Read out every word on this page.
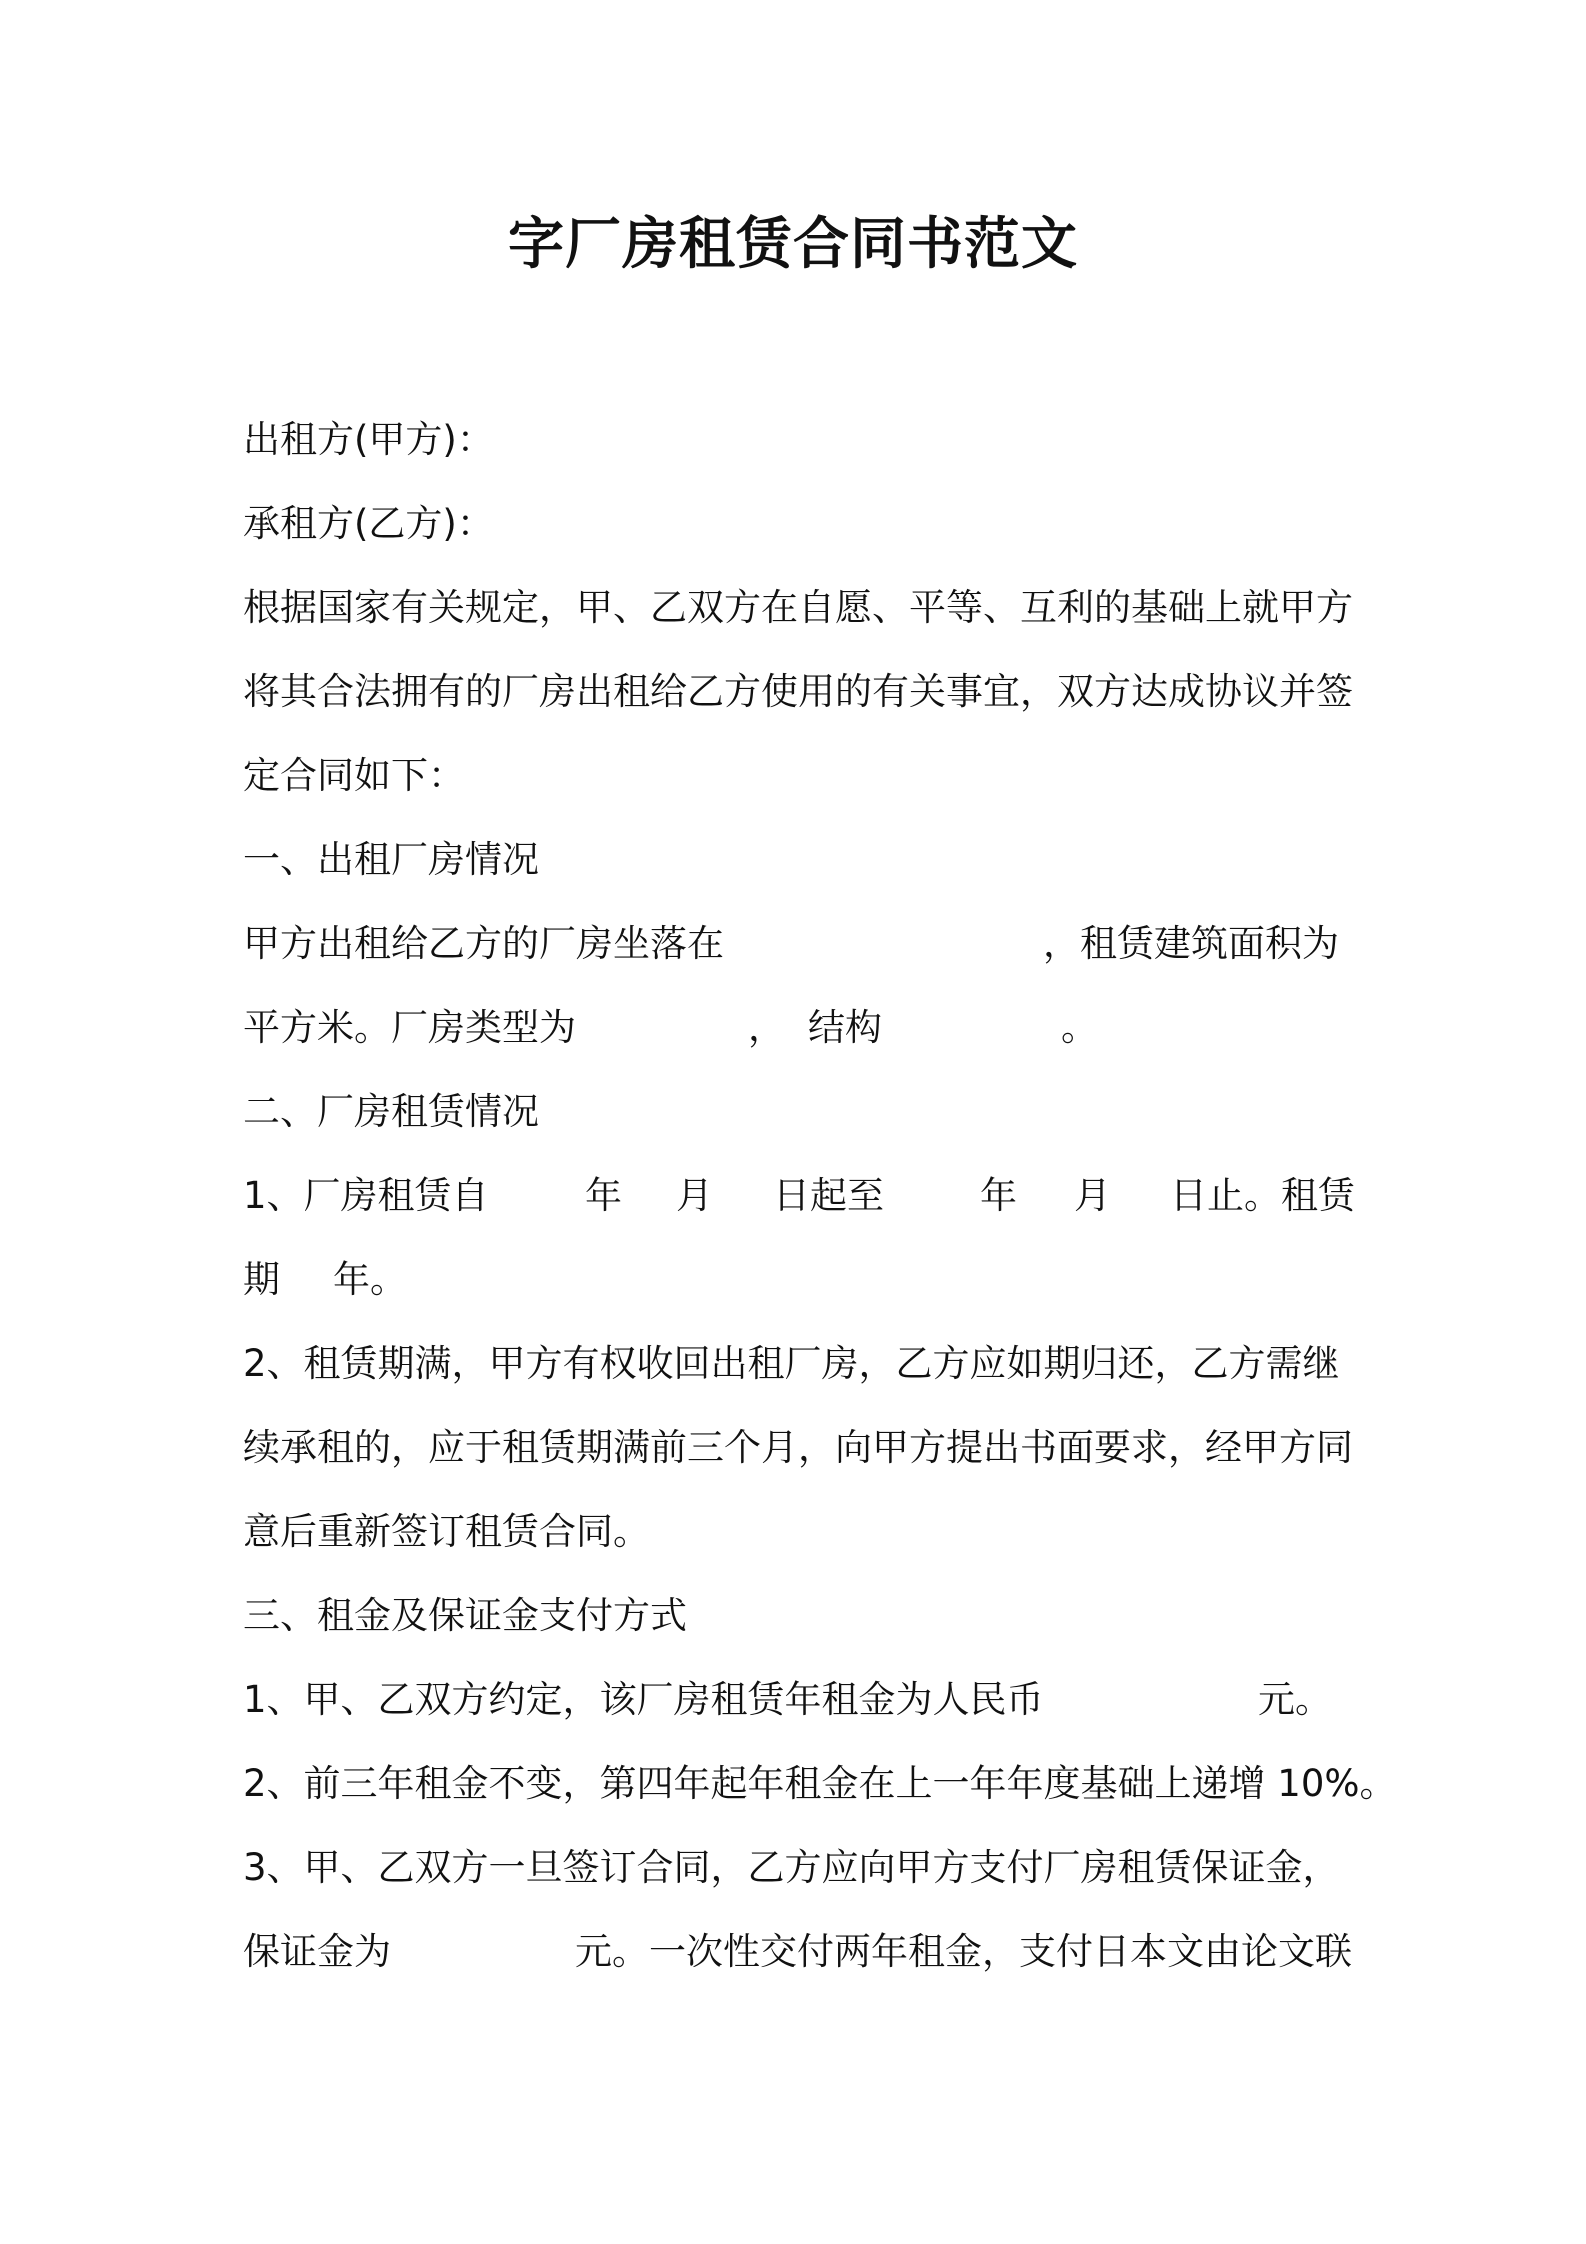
字厂房租赁合同书范文
出租方(甲方)：
承租方(乙方)：
根据国家有关规定，甲、乙双方在自愿、平等、互利的基础上就甲方
将其合法拥有的厂房出租给乙方使用的有关事宜，双方达成协议并签
定合同如下：
一、出租厂房情况
甲方出租给乙方的厂房坐落在	，租赁建筑面积为
平方米。厂房类型为	， 结构	。
二、厂房租赁情况
1、厂房租赁自	年 月 日起至	年 月 日止。租赁
期 年。
2、租赁期满，甲方有权收回出租厂房，乙方应如期归还，乙方需继
续承租的，应于租赁期满前三个月，向甲方提出书面要求，经甲方同
意后重新签订租赁合同。
三、租金及保证金支付方式
1、甲、乙双方约定，该厂房租赁年租金为人民币	元。
2、前三年租金不变，第四年起年租金在上一年年度基础上递增 10%。
3、甲、乙双方一旦签订合同，乙方应向甲方支付厂房租赁保证金，
保证金为	元。一次性交付两年租金，支付日本文由论文联
